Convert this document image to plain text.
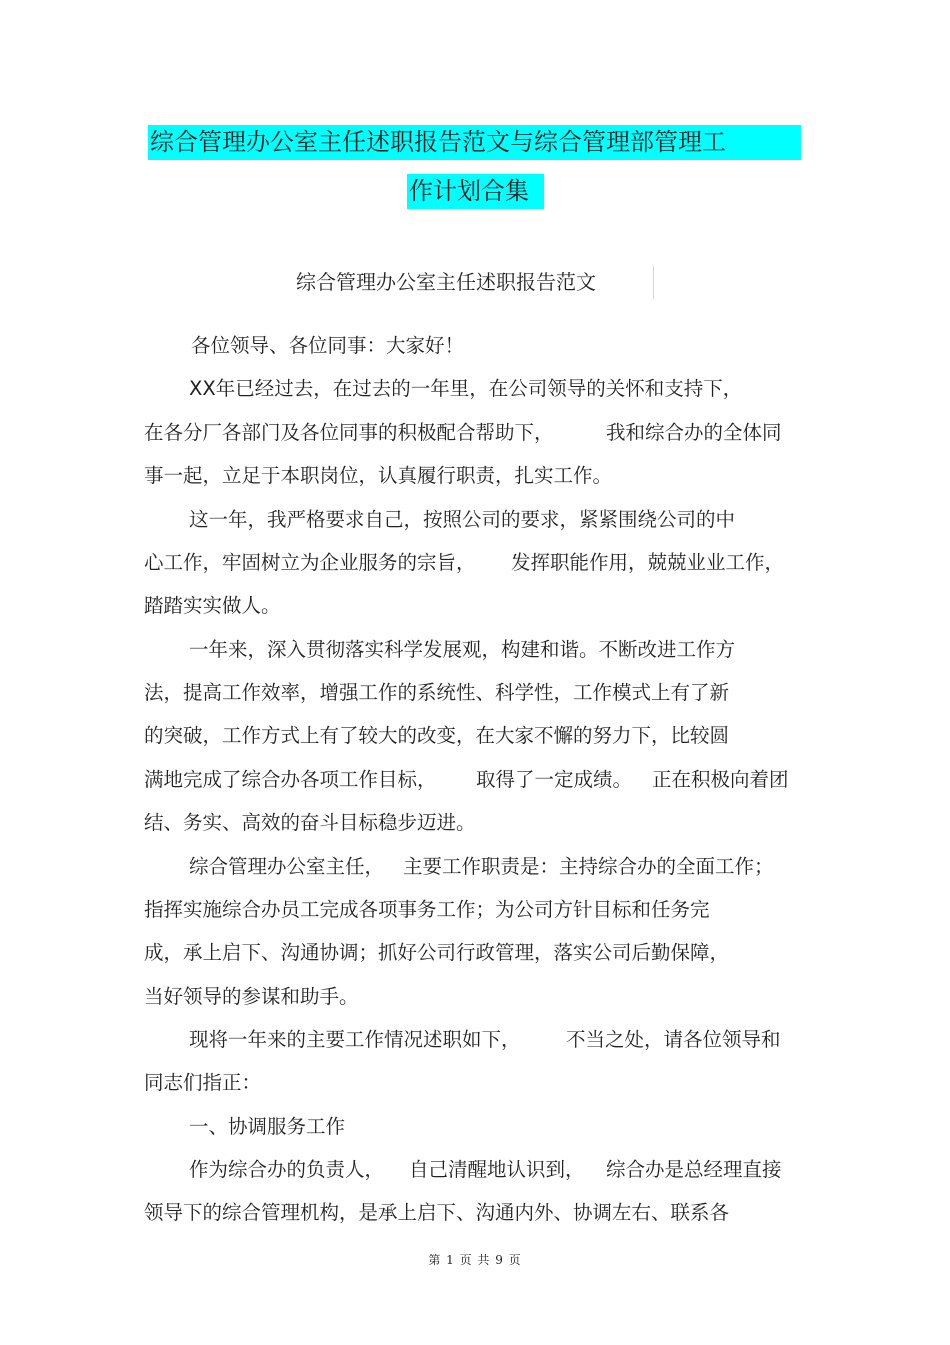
综合管理办公室主任述职报告范文与综合管理部管理工
作计划合集
综合管理办公室主任述职报告范文
各位领导、各位同事：大家好！
XX年已经过去，在过去的一年里，在公司领导的关怀和支持下，
在各分厂各部门及各位同事的积极配合帮助下，	我和综合办的全体同
事一起，立足于本职岗位，认真履行职责，扎实工作。
这一年，我严格要求自己，按照公司的要求，紧紧围绕公司的中
心工作，牢固树立为企业服务的宗旨， 发挥职能作用，兢兢业业工作，
踏踏实实做人。
一年来，深入贯彻落实科学发展观，构建和谐。不断改进工作方
法，提高工作效率，增强工作的系统性、科学性，工作模式上有了新
的突破，工作方式上有了较大的改变，在大家不懈的努力下，比较圆
满地完成了综合办各项工作目标， 取得了一定成绩。 正在积极向着团
结、务实、高效的奋斗目标稳步迈进。
综合管理办公室主任， 主要工作职责是：主持综合办的全面工作；
指挥实施综合办员工完成各项事务工作；为公司方针目标和任务完
成，承上启下、沟通协调；抓好公司行政管理，落实公司后勤保障，
当好领导的参谋和助手。
现将一年来的主要工作情况述职如下， 不当之处，请各位领导和
同志们指正：
一、协调服务工作
作为综合办的负责人， 自己清醒地认识到， 综合办是总经理直接
领导下的综合管理机构，是承上启下、沟通内外、协调左右、联系各
第 1 页 共 9 页
